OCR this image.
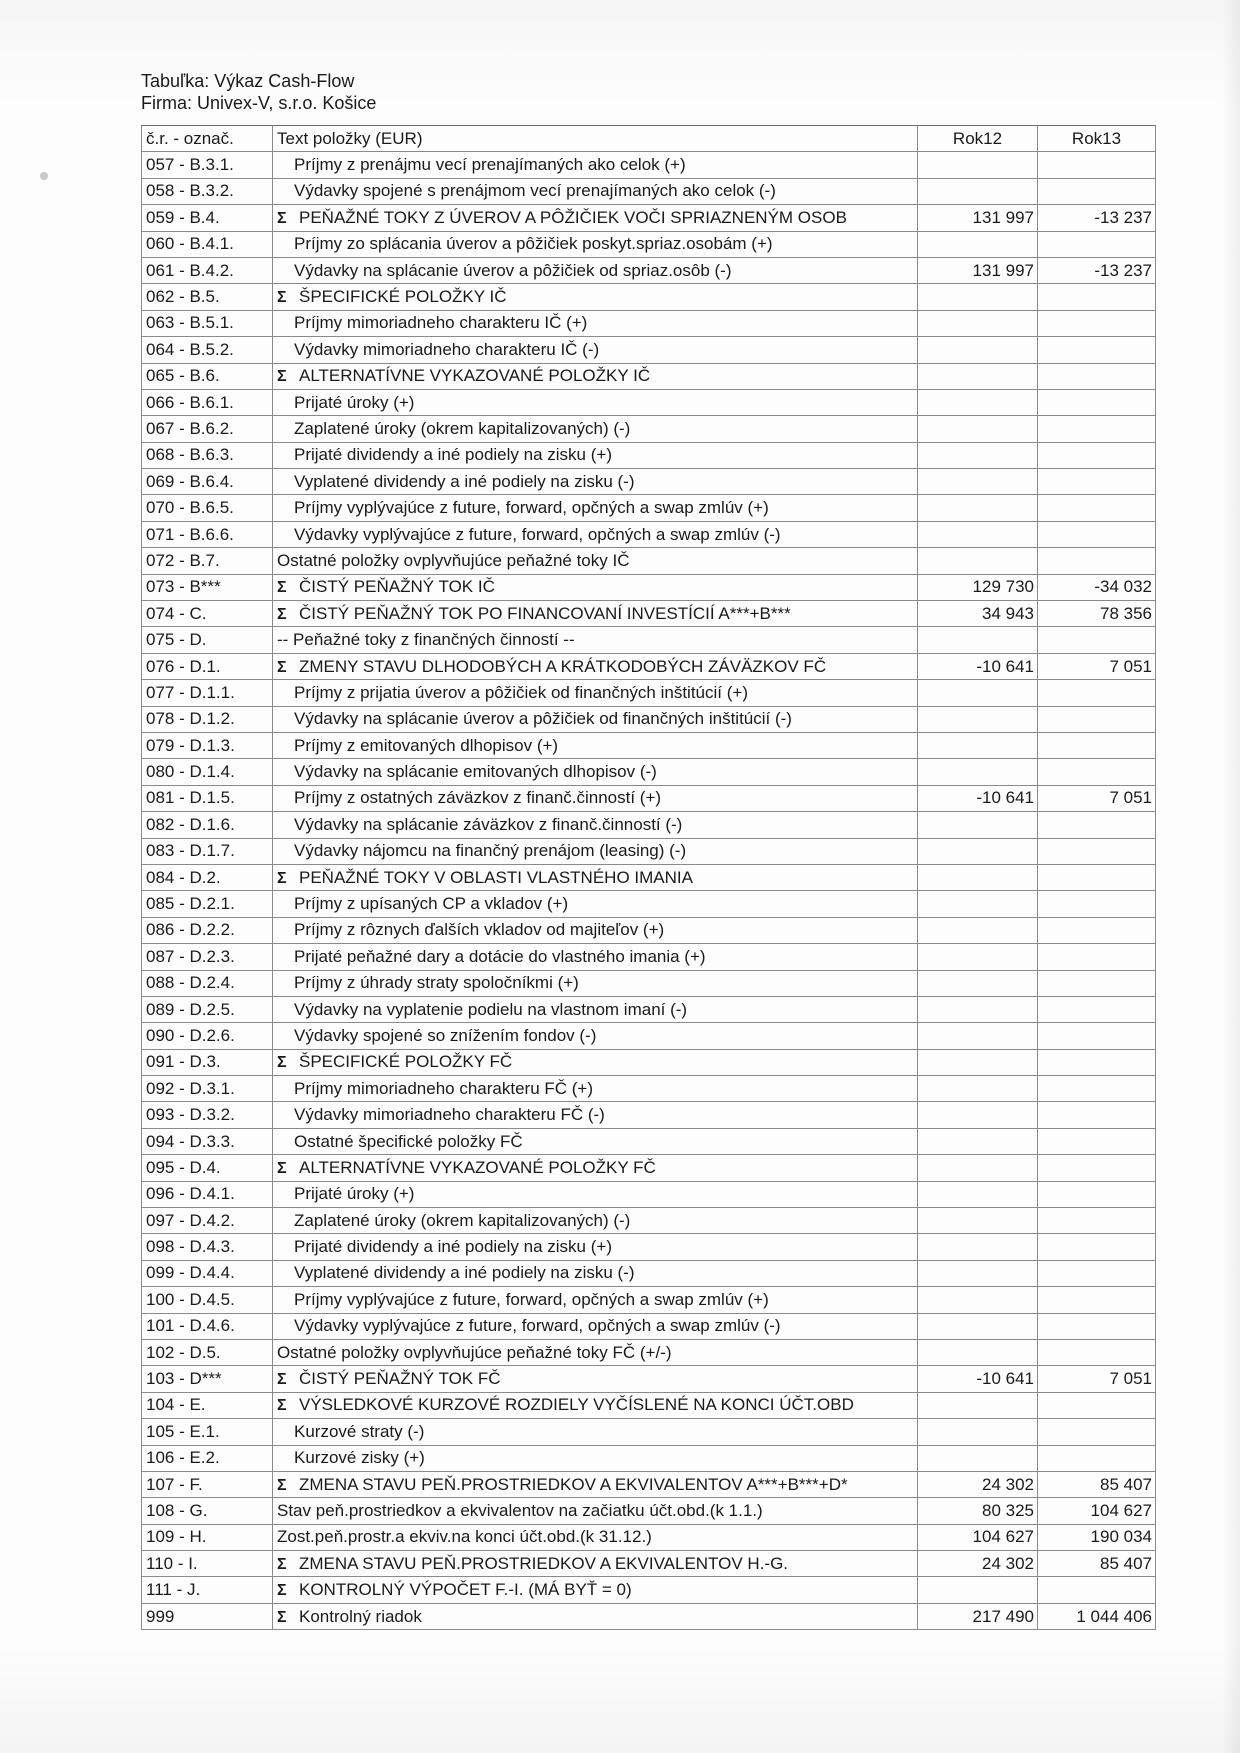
Tabuľka: Výkaz Cash-Flow
Firma: Univex-V, s.r.o. Košice
č.r. - označ.	Text položky (EUR)	Rok12	Rok13
057 - B.3.1.	Príjmy z prenájmu vecí prenajímaných ako celok (+)		
058 - B.3.2.	Výdavky spojené s prenájmom vecí prenajímaných ako celok (-)		
059 - B.4.	Σ PEŇAŽNÉ TOKY Z ÚVEROV A PÔŽIČIEK VOČI SPRIAZNENÝM OSOB	131 997	-13 237
060 - B.4.1.	Príjmy zo splácania úverov a pôžičiek poskyt.spriaz.osobám (+)		
061 - B.4.2.	Výdavky na splácanie úverov a pôžičiek od spriaz.osôb (-)	131 997	-13 237
062 - B.5.	Σ ŠPECIFICKÉ POLOŽKY IČ		
063 - B.5.1.	Príjmy mimoriadneho charakteru IČ (+)		
064 - B.5.2.	Výdavky mimoriadneho charakteru IČ (-)		
065 - B.6.	Σ ALTERNATÍVNE VYKAZOVANÉ POLOŽKY IČ		
066 - B.6.1.	Prijaté úroky (+)		
067 - B.6.2.	Zaplatené úroky (okrem kapitalizovaných) (-)		
068 - B.6.3.	Prijaté dividendy a iné podiely na zisku (+)		
069 - B.6.4.	Vyplatené dividendy a iné podiely na zisku (-)		
070 - B.6.5.	Príjmy vyplývajúce z future, forward, opčných a swap zmlúv (+)		
071 - B.6.6.	Výdavky vyplývajúce z future, forward, opčných a swap zmlúv (-)		
072 - B.7.	Ostatné položky ovplyvňujúce peňažné toky IČ		
073 - B***	Σ ČISTÝ PEŇAŽNÝ TOK IČ	129 730	-34 032
074 - C.	Σ ČISTÝ PEŇAŽNÝ TOK PO FINANCOVANÍ INVESTÍCIÍ A***+B***	34 943	78 356
075 - D.	-- Peňažné toky z finančných činností --		
076 - D.1.	Σ ZMENY STAVU DLHODOBÝCH A KRÁTKODOBÝCH ZÁVÄZKOV FČ	-10 641	7 051
077 - D.1.1.	Príjmy z prijatia úverov a pôžičiek od finančných inštitúcií (+)		
078 - D.1.2.	Výdavky na splácanie úverov a pôžičiek od finančných inštitúcií (-)		
079 - D.1.3.	Príjmy z emitovaných dlhopisov (+)		
080 - D.1.4.	Výdavky na splácanie emitovaných dlhopisov (-)		
081 - D.1.5.	Príjmy z ostatných záväzkov z finanč.činností (+)	-10 641	7 051
082 - D.1.6.	Výdavky na splácanie záväzkov z finanč.činností (-)		
083 - D.1.7.	Výdavky nájomcu na finančný prenájom (leasing) (-)		
084 - D.2.	Σ PEŇAŽNÉ TOKY V OBLASTI VLASTNÉHO IMANIA		
085 - D.2.1.	Príjmy z upísaných CP a vkladov (+)		
086 - D.2.2.	Príjmy z rôznych ďalších vkladov od majiteľov (+)		
087 - D.2.3.	Prijaté peňažné dary a dotácie do vlastného imania (+)		
088 - D.2.4.	Príjmy z úhrady straty spoločníkmi (+)		
089 - D.2.5.	Výdavky na vyplatenie podielu na vlastnom imaní (-)		
090 - D.2.6.	Výdavky spojené so znížením fondov (-)		
091 - D.3.	Σ ŠPECIFICKÉ POLOŽKY FČ		
092 - D.3.1.	Príjmy mimoriadneho charakteru FČ (+)		
093 - D.3.2.	Výdavky mimoriadneho charakteru FČ (-)		
094 - D.3.3.	Ostatné špecifické položky FČ		
095 - D.4.	Σ ALTERNATÍVNE VYKAZOVANÉ POLOŽKY FČ		
096 - D.4.1.	Prijaté úroky (+)		
097 - D.4.2.	Zaplatené úroky (okrem kapitalizovaných) (-)		
098 - D.4.3.	Prijaté dividendy a iné podiely na zisku (+)		
099 - D.4.4.	Vyplatené dividendy a iné podiely na zisku (-)		
100 - D.4.5.	Príjmy vyplývajúce z future, forward, opčných a swap zmlúv (+)		
101 - D.4.6.	Výdavky vyplývajúce z future, forward, opčných a swap zmlúv (-)		
102 - D.5.	Ostatné položky ovplyvňujúce peňažné toky FČ (+/-)		
103 - D***	Σ ČISTÝ PEŇAŽNÝ TOK FČ	-10 641	7 051
104 - E.	Σ VÝSLEDKOVÉ KURZOVÉ ROZDIELY VYČÍSLENÉ NA KONCI ÚČT.OBD		
105 - E.1.	Kurzové straty (-)		
106 - E.2.	Kurzové zisky (+)		
107 - F.	Σ ZMENA STAVU PEŇ.PROSTRIEDKOV A EKVIVALENTOV A***+B***+D*	24 302	85 407
108 - G.	Stav peň.prostriedkov a ekvivalentov na začiatku účt.obd.(k 1.1.)	80 325	104 627
109 - H.	Zost.peň.prostr.a ekviv.na konci účt.obd.(k 31.12.)	104 627	190 034
110 - I.	Σ ZMENA STAVU PEŇ.PROSTRIEDKOV A EKVIVALENTOV H.-G.	24 302	85 407
111 - J.	Σ KONTROLNÝ VÝPOČET F.-I. (MÁ BYŤ = 0)		
999	Σ Kontrolný riadok	217 490	1 044 406
